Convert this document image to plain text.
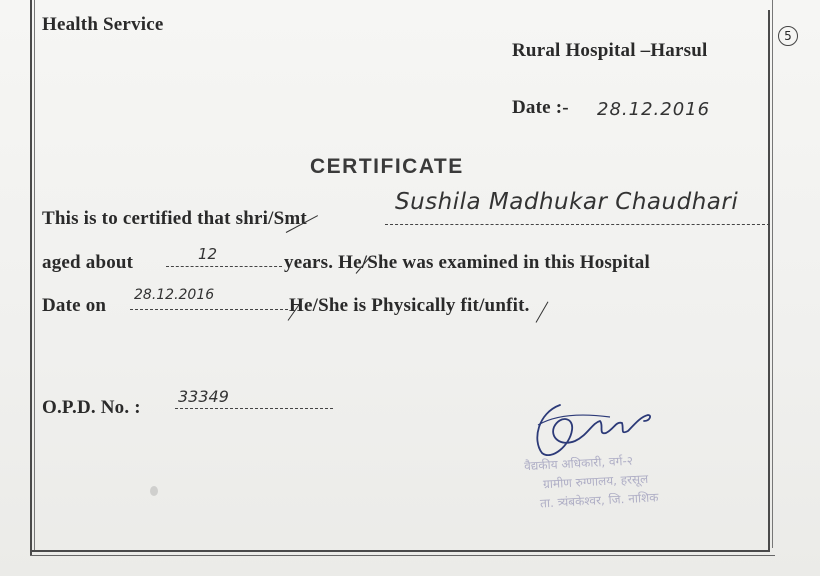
Health Service
Rural Hospital –Harsul
5
Date :- 28.12.2016
CERTIFICATE
This is to certified that shri/Smt
Sushila Madhukar Chaudhari
aged about	12	years. He/She was examined in this Hospital
Date on 28.12.2016	He/She is Physically fit/unfit.
O.P.D. No. :
33349
वैद्यकीय अधिकारी, वर्ग-२
ग्रामीण रुग्णालय, हरसूल
ता. त्र्यंबकेश्वर, जि. नाशिक
